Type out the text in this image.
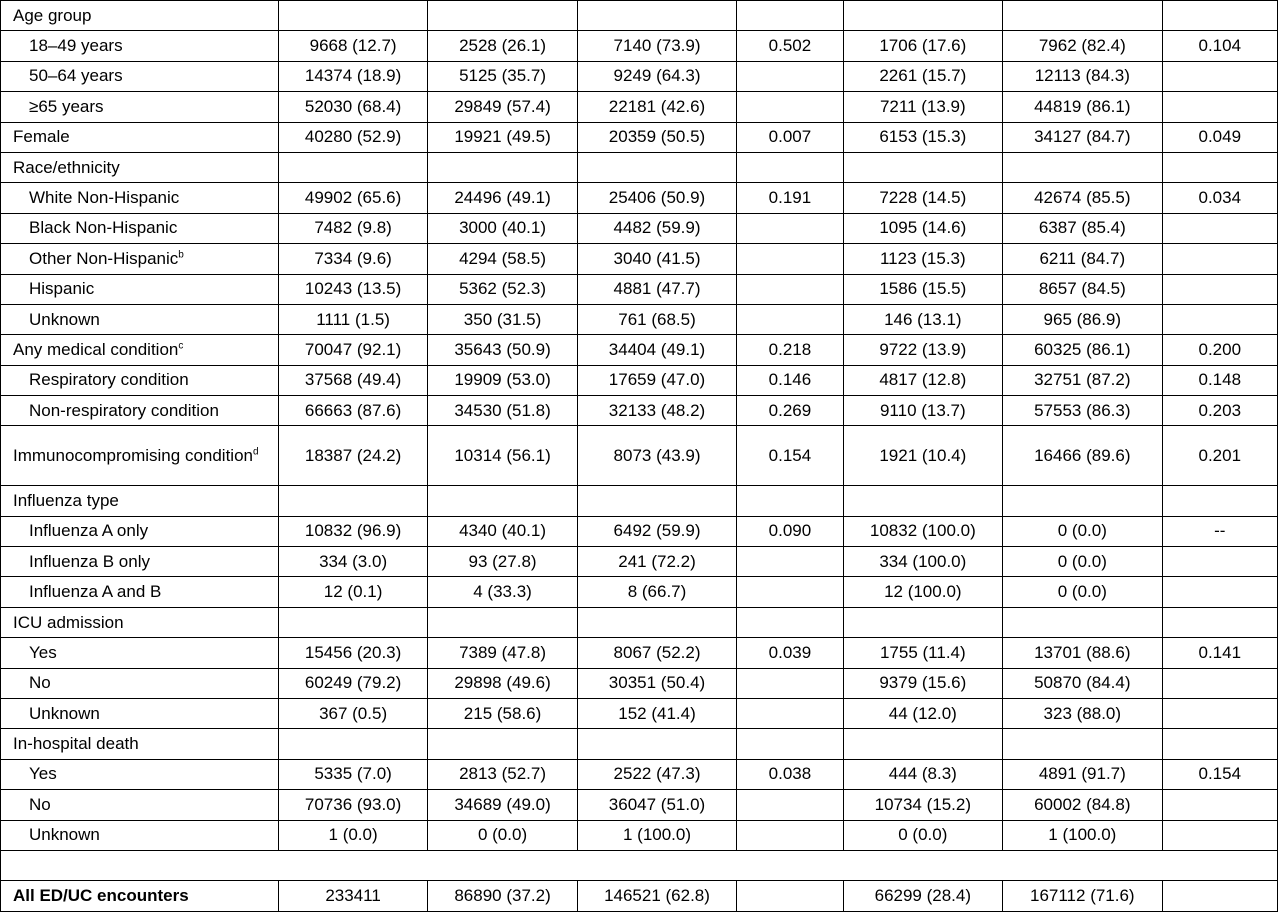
Age group							
18–49 years	9668 (12.7)	2528 (26.1)	7140 (73.9)	0.502	1706 (17.6)	7962 (82.4)	0.104
50–64 years	14374 (18.9)	5125 (35.7)	9249 (64.3)		2261 (15.7)	12113 (84.3)	
≥65 years	52030 (68.4)	29849 (57.4)	22181 (42.6)		7211 (13.9)	44819 (86.1)	
Female	40280 (52.9)	19921 (49.5)	20359 (50.5)	0.007	6153 (15.3)	34127 (84.7)	0.049
Race/ethnicity							
White Non-Hispanic	49902 (65.6)	24496 (49.1)	25406 (50.9)	0.191	7228 (14.5)	42674 (85.5)	0.034
Black Non-Hispanic	7482 (9.8)	3000 (40.1)	4482 (59.9)		1095 (14.6)	6387 (85.4)	
Other Non-Hispanic$^b$	7334 (9.6)	4294 (58.5)	3040 (41.5)		1123 (15.3)	6211 (84.7)	
Hispanic	10243 (13.5)	5362 (52.3)	4881 (47.7)		1586 (15.5)	8657 (84.5)	
Unknown	1111 (1.5)	350 (31.5)	761 (68.5)		146 (13.1)	965 (86.9)	
Any medical condition$^c$	70047 (92.1)	35643 (50.9)	34404 (49.1)	0.218	9722 (13.9)	60325 (86.1)	0.200
Respiratory condition	37568 (49.4)	19909 (53.0)	17659 (47.0)	0.146	4817 (12.8)	32751 (87.2)	0.148
Non-respiratory condition	66663 (87.6)	34530 (51.8)	32133 (48.2)	0.269	9110 (13.7)	57553 (86.3)	0.203
Immunocompromising condition$^d$	18387 (24.2)	10314 (56.1)	8073 (43.9)	0.154	1921 (10.4)	16466 (89.6)	0.201
Influenza type							
Influenza A only	10832 (96.9)	4340 (40.1)	6492 (59.9)	0.090	10832 (100.0)	0 (0.0)	--
Influenza B only	334 (3.0)	93 (27.8)	241 (72.2)		334 (100.0)	0 (0.0)	
Influenza A and B	12 (0.1)	4 (33.3)	8 (66.7)		12 (100.0)	0 (0.0)	
ICU admission							
Yes	15456 (20.3)	7389 (47.8)	8067 (52.2)	0.039	1755 (11.4)	13701 (88.6)	0.141
No	60249 (79.2)	29898 (49.6)	30351 (50.4)		9379 (15.6)	50870 (84.4)	
Unknown	367 (0.5)	215 (58.6)	152 (41.4)		44 (12.0)	323 (88.0)	
In-hospital death							
Yes	5335 (7.0)	2813 (52.7)	2522 (47.3)	0.038	444 (8.3)	4891 (91.7)	0.154
No	70736 (93.0)	34689 (49.0)	36047 (51.0)		10734 (15.2)	60002 (84.8)	
Unknown	1 (0.0)	0 (0.0)	1 (100.0)		0 (0.0)	1 (100.0)	

All ED/UC encounters	233411	86890 (37.2)	146521 (62.8)		66299 (28.4)	167112 (71.6)	
